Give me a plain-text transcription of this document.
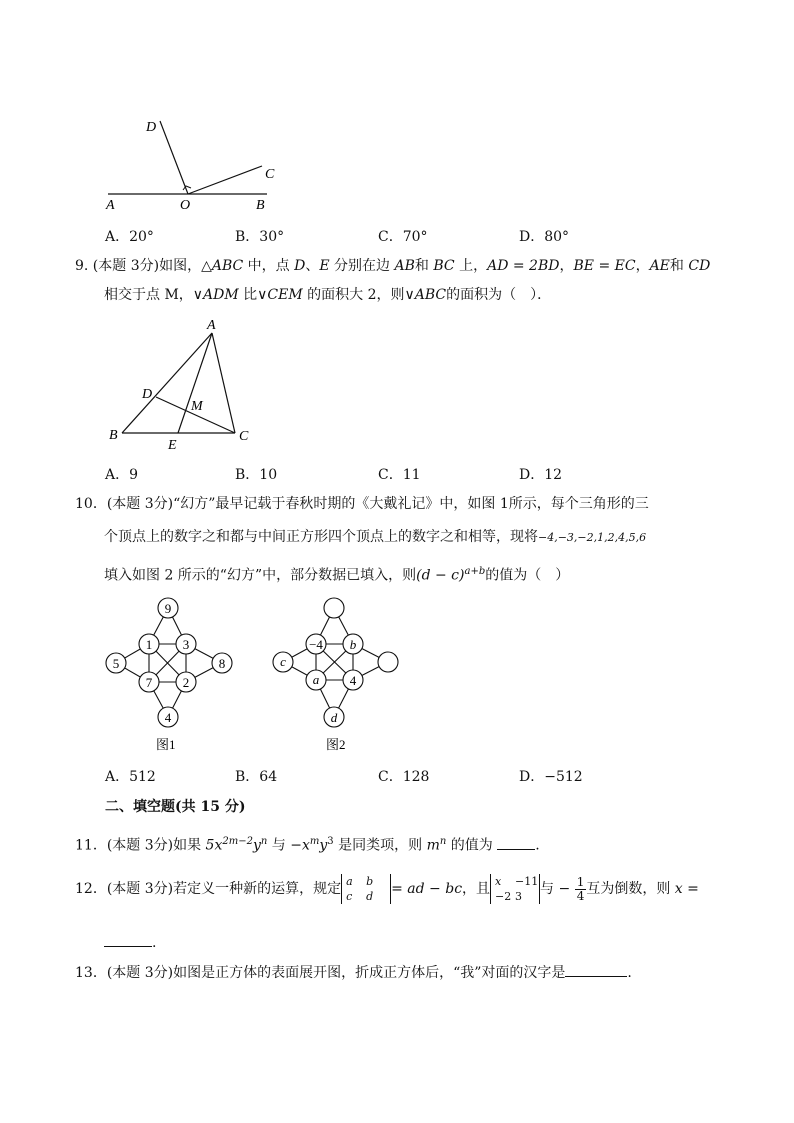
D
C
A	O	B
A．20°	B．30°	C．70°	D．80°
9. (本题 3分)如图，△ABC 中，点 D、E 分别在边 AB和 BC 上，AD = 2BD，BE = EC，AE和 CD
相交于点 M，∨ADM 比∨CEM 的面积大 2，则∨ABC的面积为（　）．
A
D
M
B
E
C
A．9	B．10	C．11	D．12
10．(本题 3分)“幻方”最早记载于春秋时期的《大戴礼记》中，如图 1所示，每个三角形的三
个顶点上的数字之和都与中间正方形四个顶点上的数字之和相等，现将−4,−3,−2,1,2,4,5,6
填入如图 2 所示的“幻方”中，部分数据已填入，则$(d - c)^{a+b}$的值为（　）
9
1 3
5	8
7 2
4
图1
−4 b
c
a 4
d
图2
A．512	B．64	C．128	D．−512
二、填空题(共 15 分)
11．(本题 3分)如果 $5x^{2m-2}y^n$ 与 $-x^my^3$ 是同类项，则 $m^n$ 的值为	.
12．(本题 3分)若定义一种新的运算，规定 a b
c d = ad − bc，且 x −11
−2 3 与 − $\frac{1}{4}$ 互为倒数，则 x =
.
13．(本题 3分)如图是正方体的表面展开图，折成正方体后，“我”对面的汉字是	.
